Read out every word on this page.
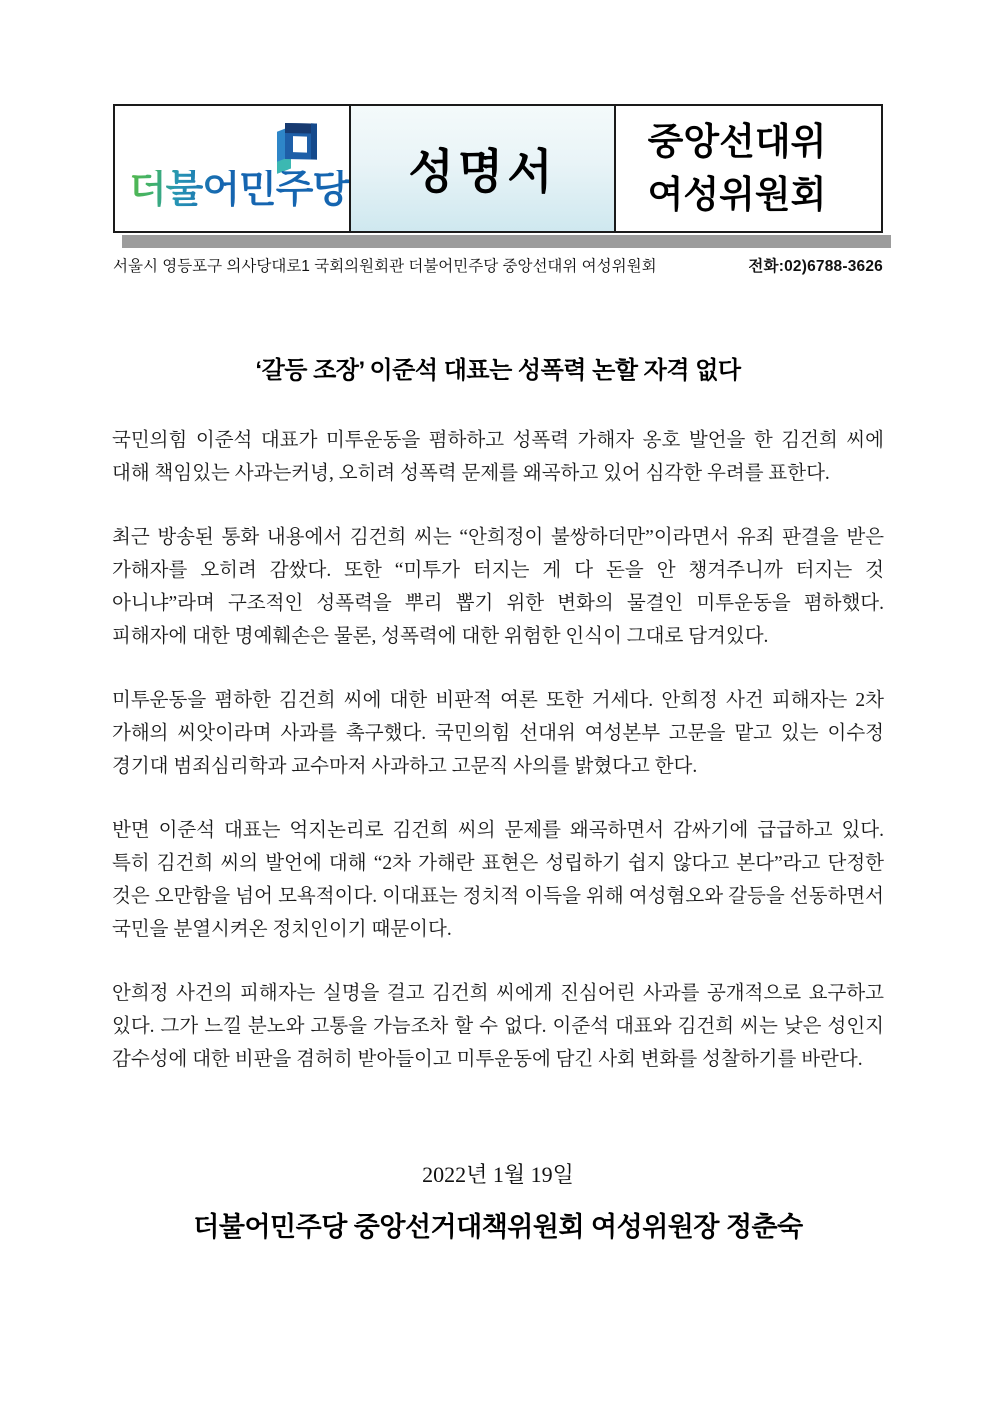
더불어민주당 성명서
중앙선대위
여성위원회
서울시 영등포구 의사당대로1 국회의원회관 더불어민주당 중앙선대위 여성위원회	전화:02)6788-3626
‘갈등 조장’ 이준석 대표는 성폭력 논할 자격 없다

국민의힘 이준석 대표가 미투운동을 폄하하고 성폭력 가해자 옹호 발언을 한 김건희 씨에 대해 책임있는 사과는커녕, 오히려 성폭력 문제를 왜곡하고 있어 심각한 우려를 표한다.

최근 방송된 통화 내용에서 김건희 씨는 “안희정이 불쌍하더만”이라면서 유죄 판결을 받은 가해자를 오히려 감쌌다. 또한 “미투가 터지는 게 다 돈을 안 챙겨주니까 터지는 것 아니냐”라며 구조적인 성폭력을 뿌리 뽑기 위한 변화의 물결인 미투운동을 폄하했다. 피해자에 대한 명예훼손은 물론, 성폭력에 대한 위험한 인식이 그대로 담겨있다.

미투운동을 폄하한 김건희 씨에 대한 비판적 여론 또한 거세다. 안희정 사건 피해자는 2차 가해의 씨앗이라며 사과를 촉구했다. 국민의힘 선대위 여성본부 고문을 맡고 있는 이수정 경기대 범죄심리학과 교수마저 사과하고 고문직 사의를 밝혔다고 한다.

반면 이준석 대표는 억지논리로 김건희 씨의 문제를 왜곡하면서 감싸기에 급급하고 있다. 특히 김건희 씨의 발언에 대해 “2차 가해란 표현은 성립하기 쉽지 않다고 본다”라고 단정한 것은 오만함을 넘어 모욕적이다. 이대표는 정치적 이득을 위해 여성혐오와 갈등을 선동하면서 국민을 분열시켜온 정치인이기 때문이다.

안희정 사건의 피해자는 실명을 걸고 김건희 씨에게 진심어린 사과를 공개적으로 요구하고 있다. 그가 느낄 분노와 고통을 가늠조차 할 수 없다. 이준석 대표와 김건희 씨는 낮은 성인지 감수성에 대한 비판을 겸허히 받아들이고 미투운동에 담긴 사회 변화를 성찰하기를 바란다.

2022년 1월 19일
더불어민주당 중앙선거대책위원회 여성위원장 정춘숙
